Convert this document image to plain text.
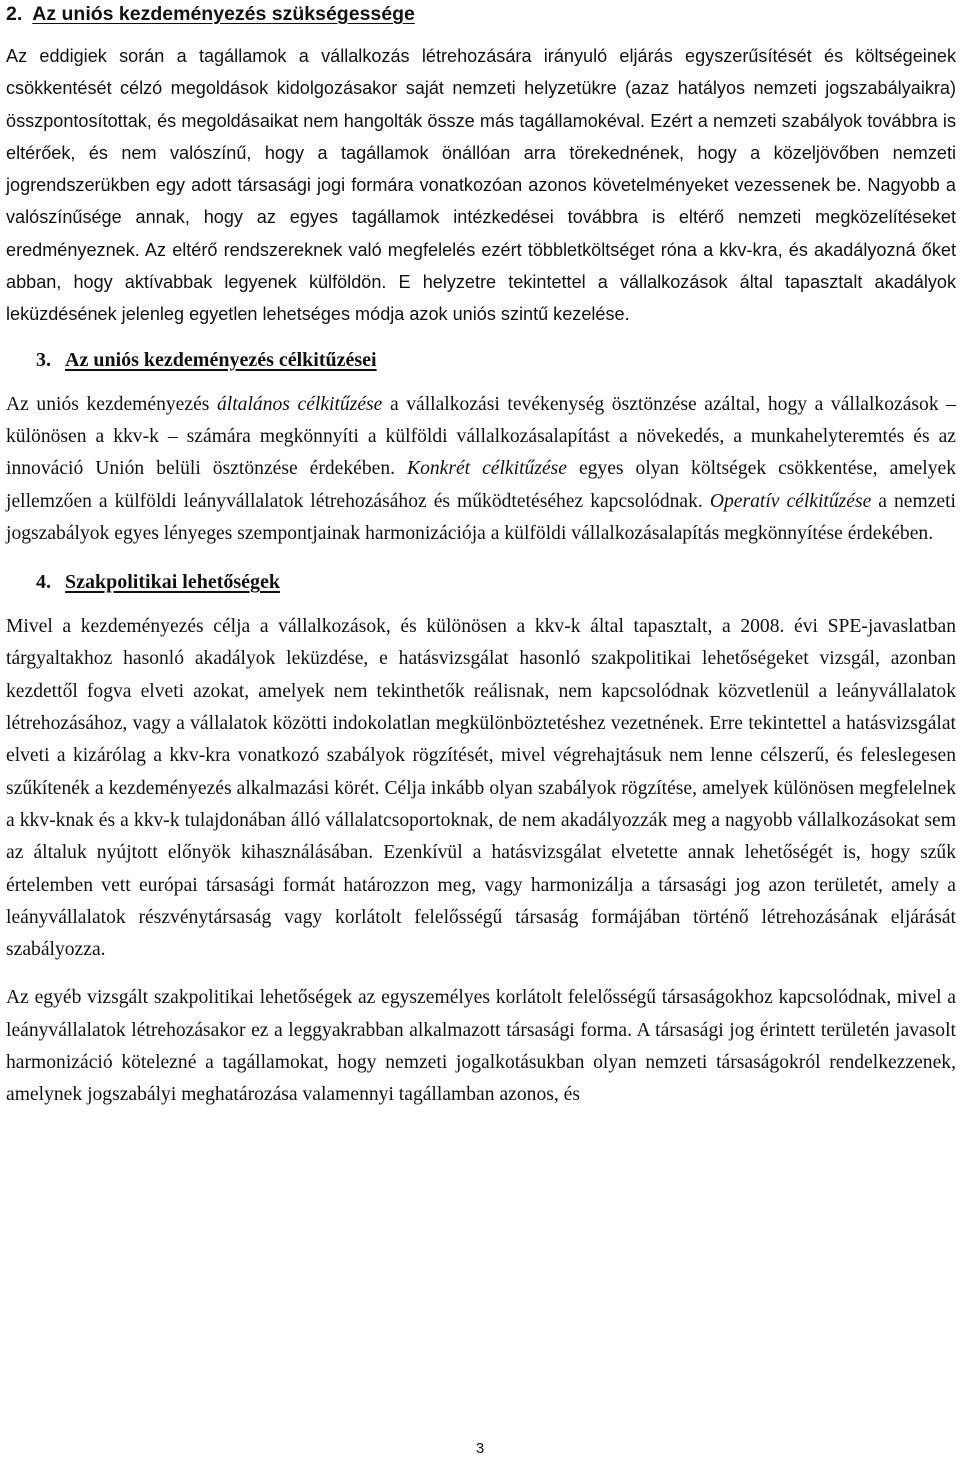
2. Az uniós kezdeményezés szükségessége

Az eddigiek során a tagállamok a vállalkozás létrehozására irányuló eljárás egyszerűsítését és költségeinek csökkentését célzó megoldások kidolgozásakor saját nemzeti helyzetükre (azaz hatályos nemzeti jogszabályaikra) összpontosítottak, és megoldásaikat nem hangolták össze más tagállamokéval. Ezért a nemzeti szabályok továbbra is eltérőek, és nem valószínű, hogy a tagállamok önállóan arra törekednének, hogy a közeljövőben nemzeti jogrendszerükben egy adott társasági jogi formára vonatkozóan azonos követelményeket vezessenek be. Nagyobb a valószínűsége annak, hogy az egyes tagállamok intézkedései továbbra is eltérő nemzeti megközelítéseket eredményeznek. Az eltérő rendszereknek való megfelelés ezért többletköltséget róna a kkv-kra, és akadályozná őket abban, hogy aktívabbak legyenek külföldön. E helyzetre tekintettel a vállalkozások által tapasztalt akadályok leküzdésének jelenleg egyetlen lehetséges módja azok uniós szintű kezelése.

3. Az uniós kezdeményezés célkitűzései

Az uniós kezdeményezés általános célkitűzése a vállalkozási tevékenység ösztönzése azáltal, hogy a vállalkozások – különösen a kkv-k – számára megkönnyíti a külföldi vállalkozásalapítást a növekedés, a munkahelyteremtés és az innováció Unión belüli ösztönzése érdekében. Konkrét célkitűzése egyes olyan költségek csökkentése, amelyek jellemzően a külföldi leányvállalatok létrehozásához és működtetéséhez kapcsolódnak. Operatív célkitűzése a nemzeti jogszabályok egyes lényeges szempontjainak harmonizációja a külföldi vállalkozásalapítás megkönnyítése érdekében.

4. Szakpolitikai lehetőségek

Mivel a kezdeményezés célja a vállalkozások, és különösen a kkv-k által tapasztalt, a 2008. évi SPE-javaslatban tárgyaltakhoz hasonló akadályok leküzdése, e hatásvizsgálat hasonló szakpolitikai lehetőségeket vizsgál, azonban kezdettől fogva elveti azokat, amelyek nem tekinthetők reálisnak, nem kapcsolódnak közvetlenül a leányvállalatok létrehozásához, vagy a vállalatok közötti indokolatlan megkülönböztetéshez vezetnének. Erre tekintettel a hatásvizsgálat elveti a kizárólag a kkv-kra vonatkozó szabályok rögzítését, mivel végrehajtásuk nem lenne célszerű, és feleslegesen szűkítenék a kezdeményezés alkalmazási körét. Célja inkább olyan szabályok rögzítése, amelyek különösen megfelelnek a kkv-knak és a kkv-k tulajdonában álló vállalatcsoportoknak, de nem akadályozzák meg a nagyobb vállalkozásokat sem az általuk nyújtott előnyök kihasználásában. Ezenkívül a hatásvizsgálat elvetette annak lehetőségét is, hogy szűk értelemben vett európai társasági formát határozzon meg, vagy harmonizálja a társasági jog azon területét, amely a leányvállalatok részvénytársaság vagy korlátolt felelősségű társaság formájában történő létrehozásának eljárását szabályozza.

Az egyéb vizsgált szakpolitikai lehetőségek az egyszemélyes korlátolt felelősségű társaságokhoz kapcsolódnak, mivel a leányvállalatok létrehozásakor ez a leggyakrabban alkalmazott társasági forma. A társasági jog érintett területén javasolt harmonizáció kötelezné a tagállamokat, hogy nemzeti jogalkotásukban olyan nemzeti társaságokról rendelkezzenek, amelynek jogszabályi meghatározása valamennyi tagállamban azonos, és

3
